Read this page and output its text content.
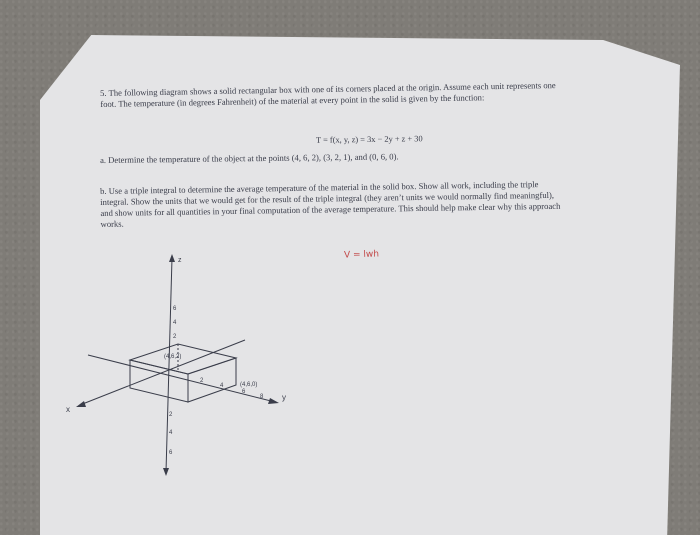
5. The following diagram shows a solid rectangular box with one of its corners placed at the origin. Assume each unit represents one foot. The temperature (in degrees Fahrenheit) of the material at every point in the solid is given by the function:
T = f(x, y, z) = 3x − 2y + z + 30
a. Determine the temperature of the object at the points (4, 6, 2), (3, 2, 1), and (0, 6, 0).
b. Use a triple integral to determine the average temperature of the material in the solid box. Show all work, including the triple integral. Show the units that we would get for the result of the triple integral (they aren’t units we would normally find meaningful), and show units for all quantities in your final computation of the average temperature. This should help make clear why this approach works.
V = lwh
z
y
x
6
4
2
2
4
6
2
4
6
8
(4,6,2)
(4,6,0)
